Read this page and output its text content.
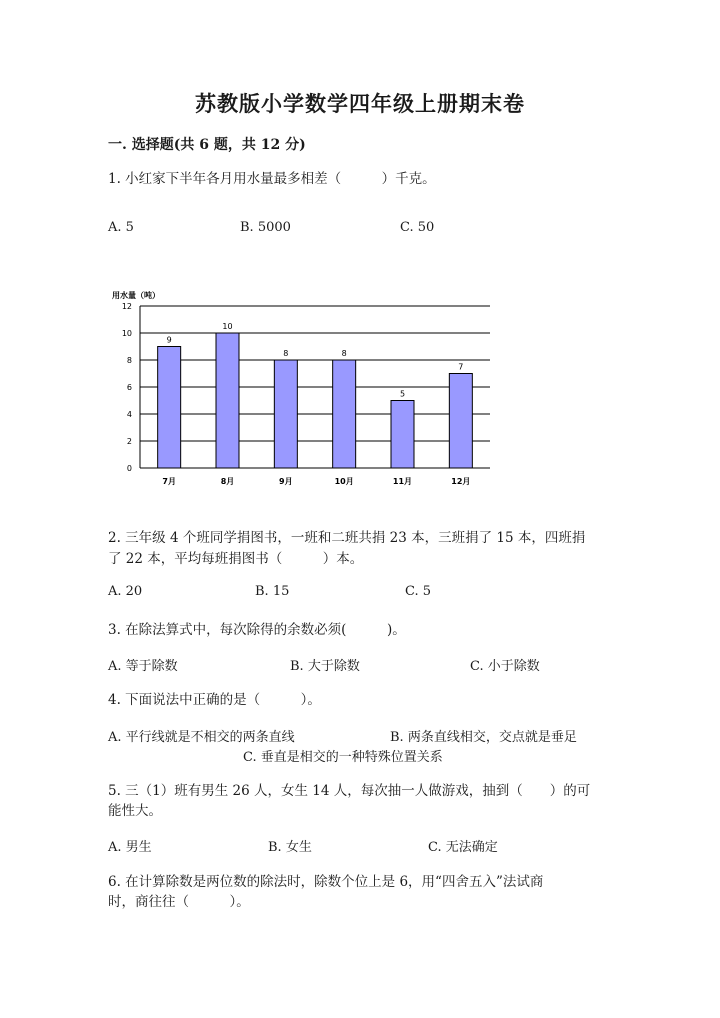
苏教版小学数学四年级上册期末卷
一. 选择题(共 6 题，共 12 分)
1. 小红家下半年各月用水量最多相差（　　　）千克。
A. 5	B. 5000	C. 50
用水量（吨）
0
2
4
6
8
10
12
9
7月
10
8月
8
9月
8
10月
5
11月
7
12月
2. 三年级 4 个班同学捐图书，一班和二班共捐 23 本，三班捐了 15 本，四班捐
了 22 本，平均每班捐图书（　　　）本。
A. 20	B. 15	C. 5
3. 在除法算式中，每次除得的余数必须(　　　)。
A. 等于除数	B. 大于除数	C. 小于除数
4. 下面说法中正确的是（　　　）。
A. 平行线就是不相交的两条直线	B. 两条直线相交，交点就是垂足
C. 垂直是相交的一种特殊位置关系
5. 三（1）班有男生 26 人，女生 14 人，每次抽一人做游戏，抽到（　　）的可
能性大。
A. 男生	B. 女生	C. 无法确定
6. 在计算除数是两位数的除法时，除数个位上是 6，用“四舍五入”法试商
时，商往往（　　　）。
